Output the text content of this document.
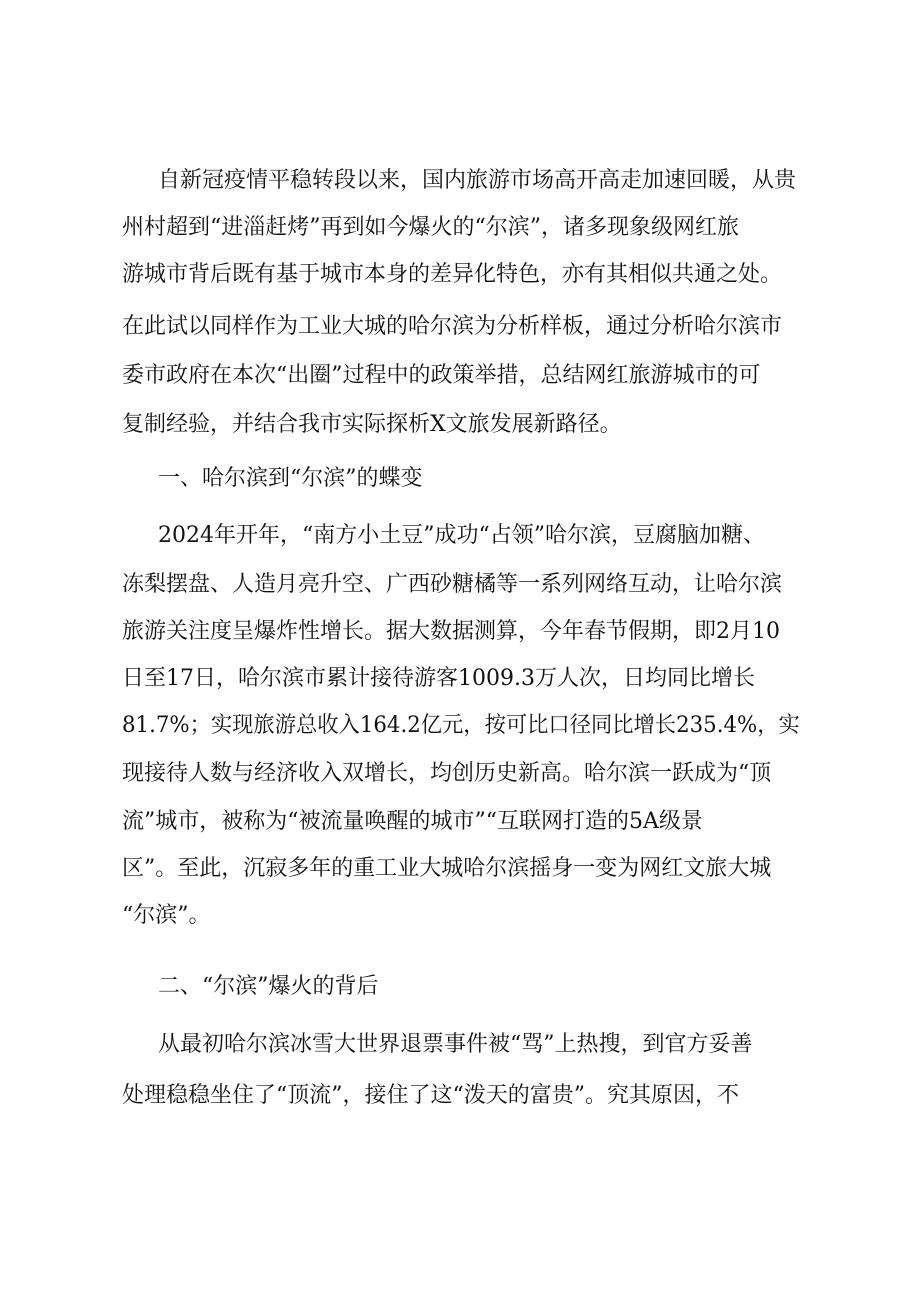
自新冠疫情平稳转段以来，国内旅游市场高开高走加速回暖，从贵

州村超到“进淄赶烤”再到如今爆火的“尔滨”，诸多现象级网红旅

游城市背后既有基于城市本身的差异化特色，亦有其相似共通之处。

在此试以同样作为工业大城的哈尔滨为分析样板，通过分析哈尔滨市

委市政府在本次“出圈”过程中的政策举措，总结网红旅游城市的可

复制经验，并结合我市实际探析X文旅发展新路径。

一、哈尔滨到“尔滨”的蝶变

2024年开年，“南方小土豆”成功“占领”哈尔滨，豆腐脑加糖、

冻梨摆盘、人造月亮升空、广西砂糖橘等一系列网络互动，让哈尔滨

旅游关注度呈爆炸性增长。据大数据测算，今年春节假期，即2月10

日至17日，哈尔滨市累计接待游客1009.3万人次，日均同比增长

81.7%；实现旅游总收入164.2亿元，按可比口径同比增长235.4%，实

现接待人数与经济收入双增长，均创历史新高。哈尔滨一跃成为“顶

流”城市，被称为“被流量唤醒的城市”“互联网打造的5A级景

区”。至此，沉寂多年的重工业大城哈尔滨摇身一变为网红文旅大城

“尔滨”。

二、“尔滨”爆火的背后

从最初哈尔滨冰雪大世界退票事件被“骂”上热搜，到官方妥善

处理稳稳坐住了“顶流”，接住了这“泼天的富贵”。究其原因，不
